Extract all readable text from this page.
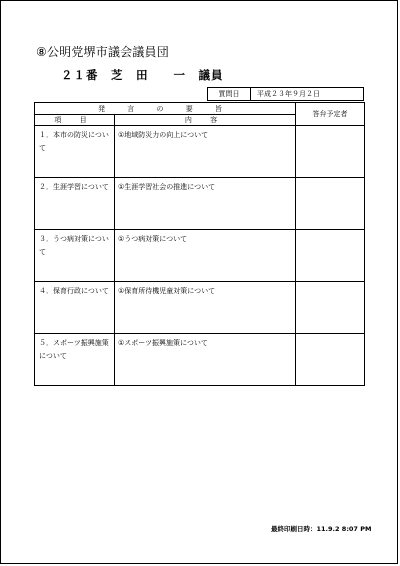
⑧公明党堺市議会議員団
２１番　芝　田　　一　議員
質問日	平成２３年９月２日
発 言 の 要 旨		答弁予定者
項 目	内 容	
１．本市の防災について	①地域防災力の向上について	
２．生涯学習について	①生涯学習社会の推進について	
３．うつ病対策について	①うつ病対策について	
４．保育行政について	①保育所待機児童対策について	
５．スポーツ振興施策について	①スポーツ振興施策について	
最終印刷日時：11.9.2 8:07 PM
